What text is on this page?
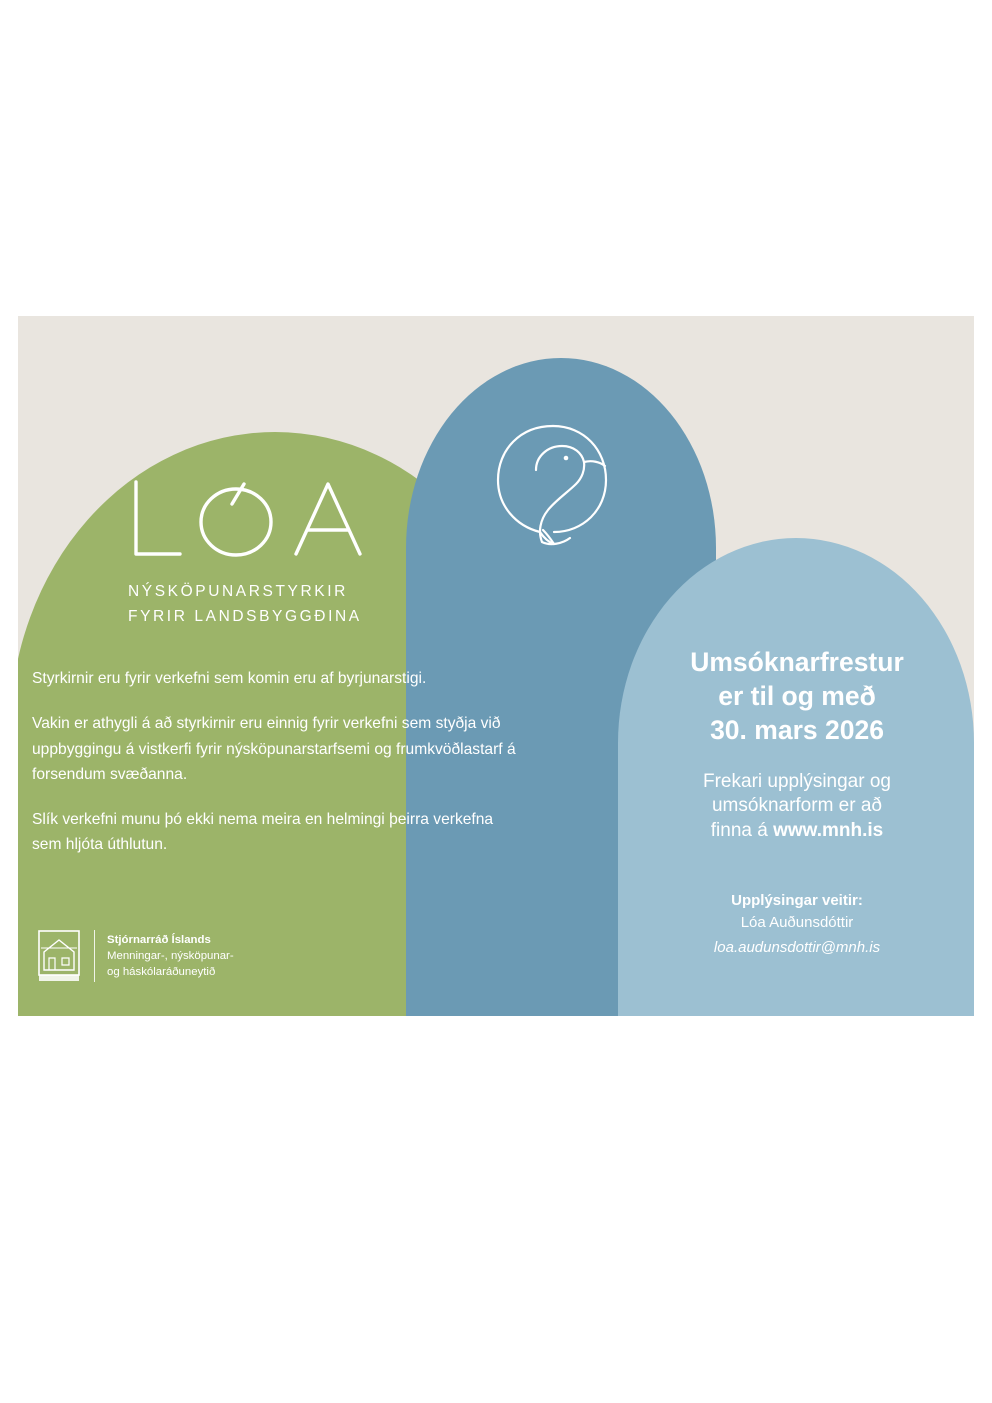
NÝSKÖPUNARSTYRKIR
FYRIR LANDSBYGGÐINA

Styrkirnir eru fyrir verkefni sem komin eru af byrjunarstigi.

Vakin er athygli á að styrkirnir eru einnig fyrir verkefni sem styðja við uppbyggingu á vistkerfi fyrir nýsköpunarstarfsemi og frumkvöðlastarf á forsendum svæðanna.

Slík verkefni munu þó ekki nema meira en helmingi þeirra verkefna sem hljóta úthlutun.

Stjórnarráð Íslands
Menningar-, nýsköpunar-
og háskólaráðuneytið
Umsóknarfrestur
er til og með
30. mars 2026
Frekari upplýsingar og
umsóknarform er að
finna á www.mnh.is
Upplýsingar veitir:
Lóa Auðunsdóttir
loa.audunsdottir@mnh.is
